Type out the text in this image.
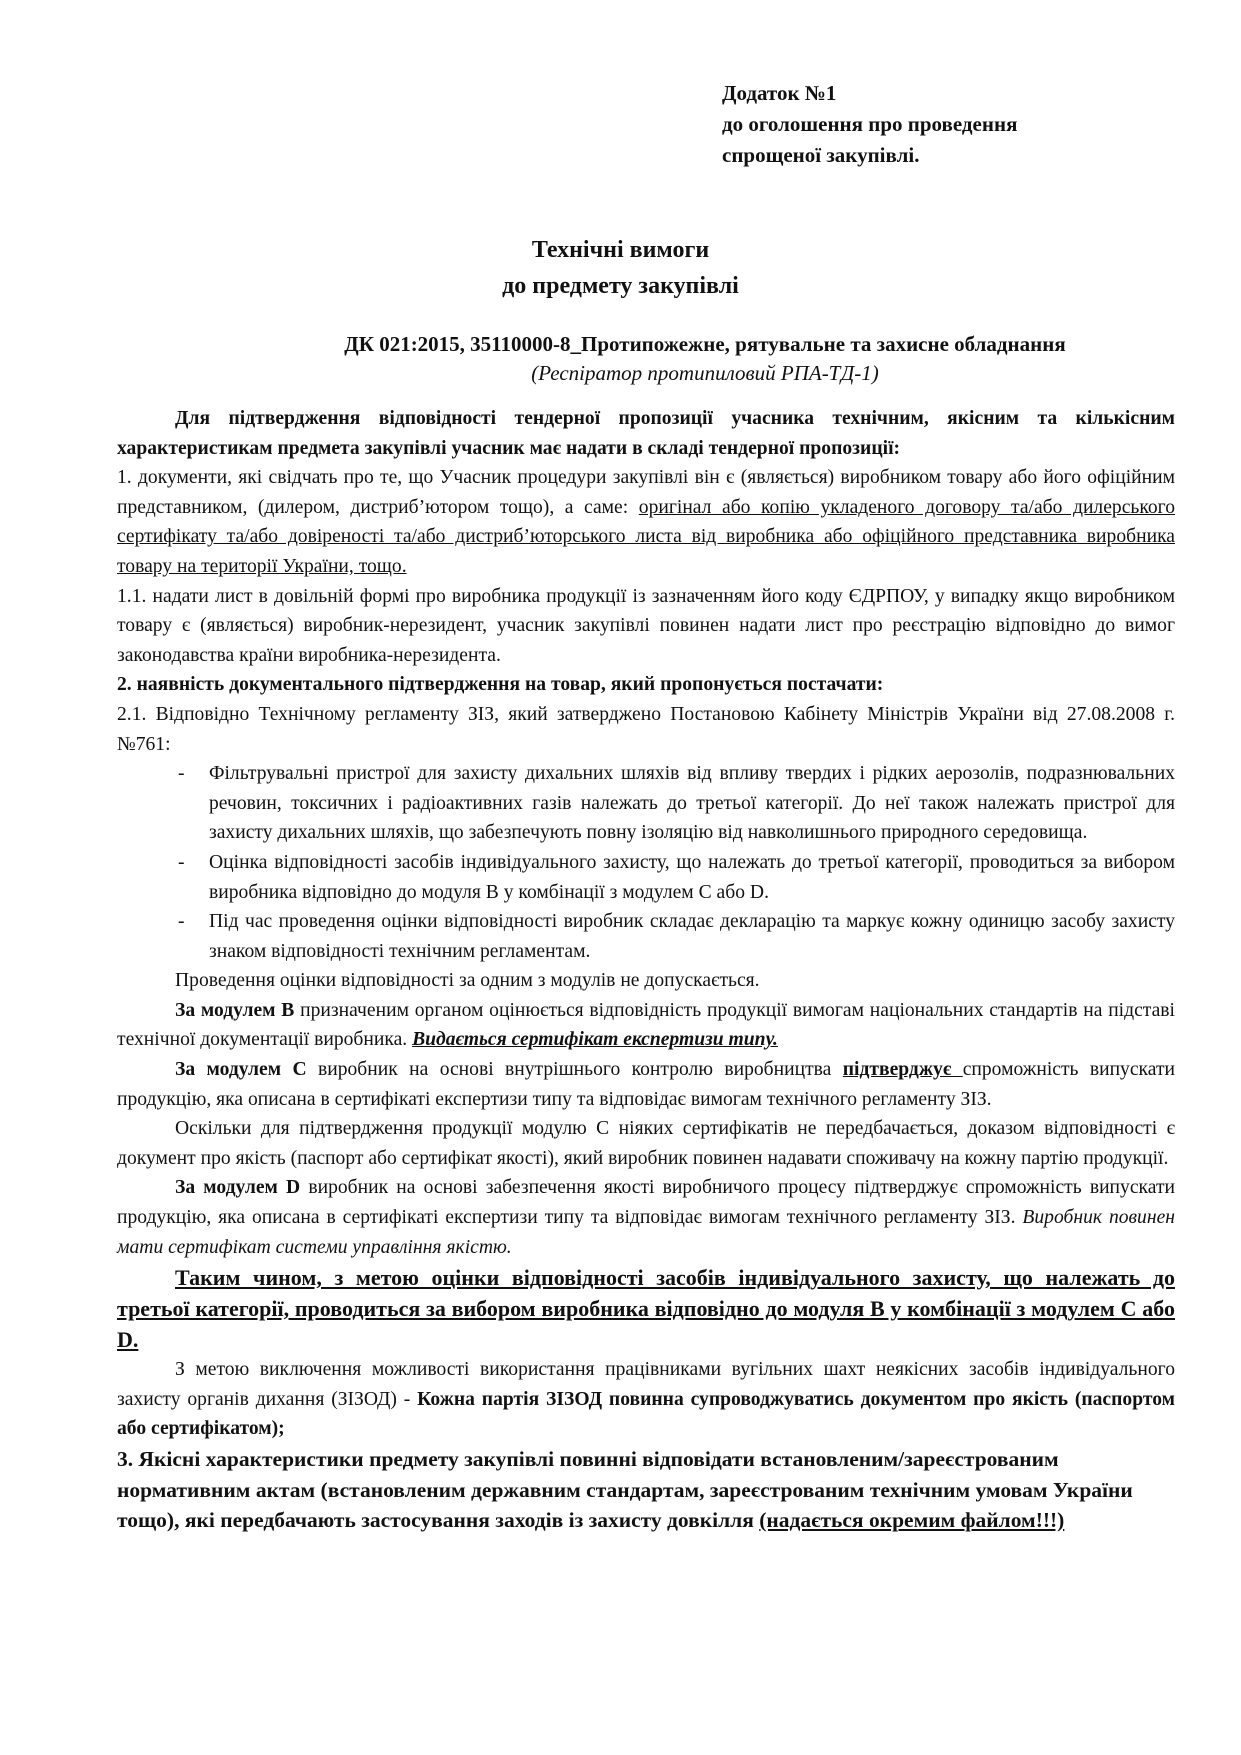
Додаток №1
до оголошення про проведення
спрощеної закупівлі.
Технічні вимоги
до предмету закупівлі
ДК 021:2015, 35110000-8_Протипожежне, рятувальне та захисне обладнання
(Респіратор протипиловий РПА-ТД-1)

Для підтвердження відповідності тендерної пропозиції учасника технічним, якісним та кількісним характеристикам предмета закупівлі учасник має надати в складі тендерної пропозиції:

1. документи, які свідчать про те, що Учасник процедури закупівлі він є (являється) виробником товару або його офіційним представником, (дилером, дистриб’ютором тощо), а саме: оригінал або копію укладеного договору та/або дилерського сертифікату та/або довіреності та/або дистриб’юторського листа від виробника або офіційного представника виробника товару на території України, тощо.

1.1. надати лист в довільній формі про виробника продукції із зазначенням його коду ЄДРПОУ, у випадку якщо виробником товару є (являється) виробник-нерезидент, учасник закупівлі повинен надати лист про реєстрацію відповідно до вимог законодавства країни виробника-нерезидента.

2. наявність документального підтвердження на товар, який пропонується постачати:

2.1. Відповідно Технічному регламенту ЗІЗ, який затверджено Постановою Кабінету Міністрів України від 27.08.2008 г. №761:

- Фільтрувальні пристрої для захисту дихальних шляхів від впливу твердих і рідких аерозолів, подразнювальних речовин, токсичних і радіоактивних газів належать до третьої категорії. До неї також належать пристрої для захисту дихальних шляхів, що забезпечують повну ізоляцію від навколишнього природного середовища.
- Оцінка відповідності засобів індивідуального захисту, що належать до третьої категорії, проводиться за вибором виробника відповідно до модуля В у комбінації з модулем С або D.
- Під час проведення оцінки відповідності виробник складає декларацію та маркує кожну одиницю засобу захисту знаком відповідності технічним регламентам.

Проведення оцінки відповідності за одним з модулів не допускається.

За модулем В призначеним органом оцінюється відповідність продукції вимогам національних стандартів на підставі технічної документації виробника. Видається сертифікат експертизи типу.

За модулем С виробник на основі внутрішнього контролю виробництва підтверджує спроможність випускати продукцію, яка описана в сертифікаті експертизи типу та відповідає вимогам технічного регламенту ЗІЗ.

Оскільки для підтвердження продукції модулю С ніяких сертифікатів не передбачається, доказом відповідності є документ про якість (паспорт або сертифікат якості), який виробник повинен надавати споживачу на кожну партію продукції.

За модулем D виробник на основі забезпечення якості виробничого процесу підтверджує спроможність випускати продукцію, яка описана в сертифікаті експертизи типу та відповідає вимогам технічного регламенту ЗІЗ. Виробник повинен мати сертифікат системи управління якістю.

Таким чином, з метою оцінки відповідності засобів індивідуального захисту, що належать до третьої категорії, проводиться за вибором виробника відповідно до модуля В у комбінації з модулем С або D.

З метою виключення можливості використання працівниками вугільних шахт неякісних засобів індивідуального захисту органів дихання (ЗІЗОД) - Кожна партія ЗІЗОД повинна супроводжуватись документом про якість (паспортом або сертифікатом);

3. Якісні характеристики предмету закупівлі повинні відповідати встановленим/зареєстрованим нормативним актам (встановленим державним стандартам, зареєстрованим технічним умовам України тощо), які передбачають застосування заходів із захисту довкілля (надається окремим файлом!!!)
